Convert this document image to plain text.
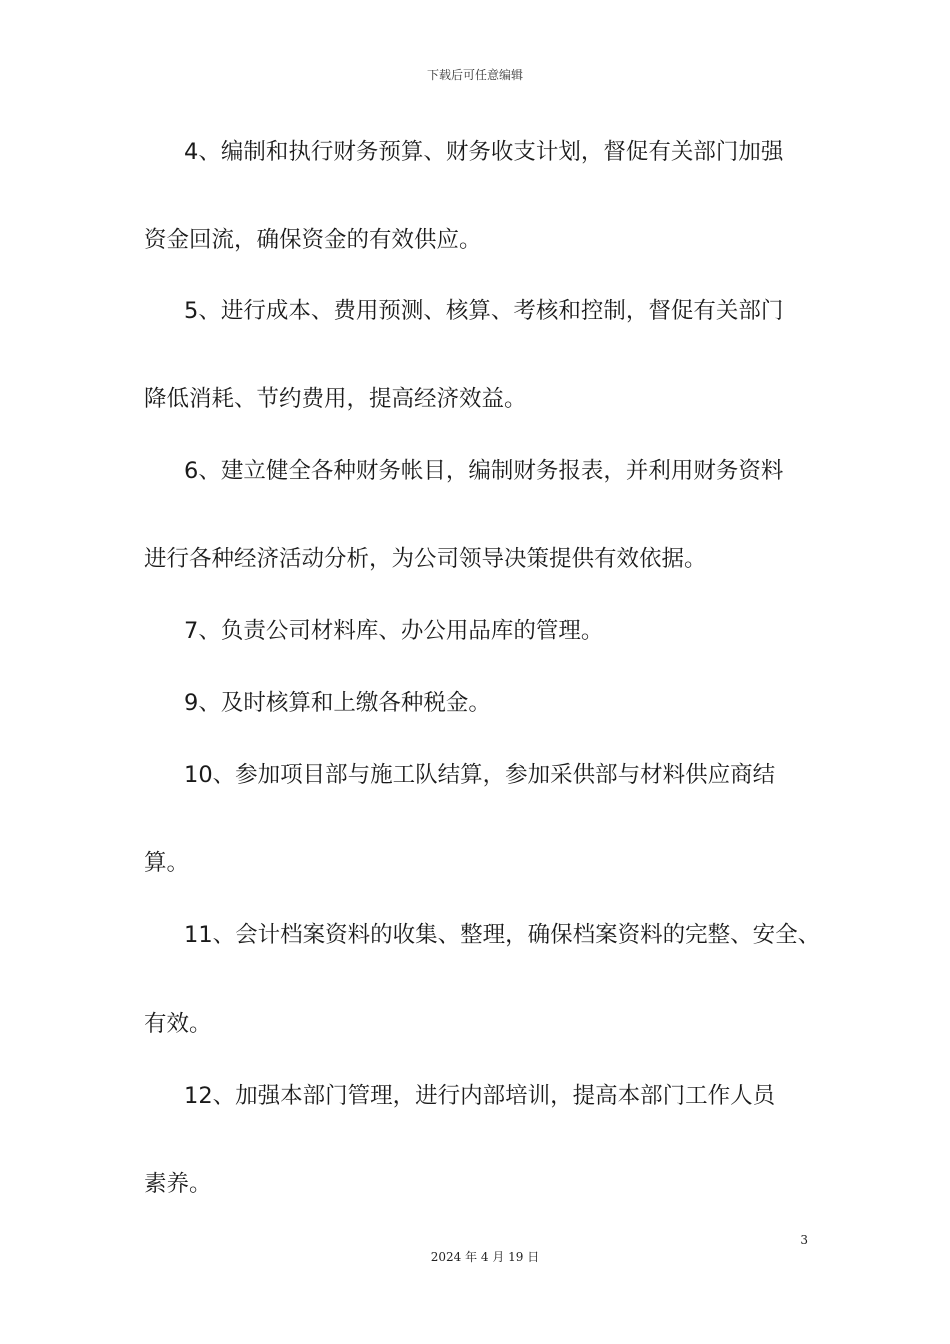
下载后可任意编辑
4、编制和执行财务预算、财务收支计划，督促有关部门加强
资金回流，确保资金的有效供应。
5、进行成本、费用预测、核算、考核和控制，督促有关部门
降低消耗、节约费用，提高经济效益。
6、建立健全各种财务帐目，编制财务报表，并利用财务资料
进行各种经济活动分析，为公司领导决策提供有效依据。
7、负责公司材料库、办公用品库的管理。
9、及时核算和上缴各种税金。
10、参加项目部与施工队结算，参加采供部与材料供应商结
算。
11、会计档案资料的收集、整理，确保档案资料的完整、安全、
有效。
12、加强本部门管理，进行内部培训，提高本部门工作人员
素养。
3
2024 年 4 月 19 日
